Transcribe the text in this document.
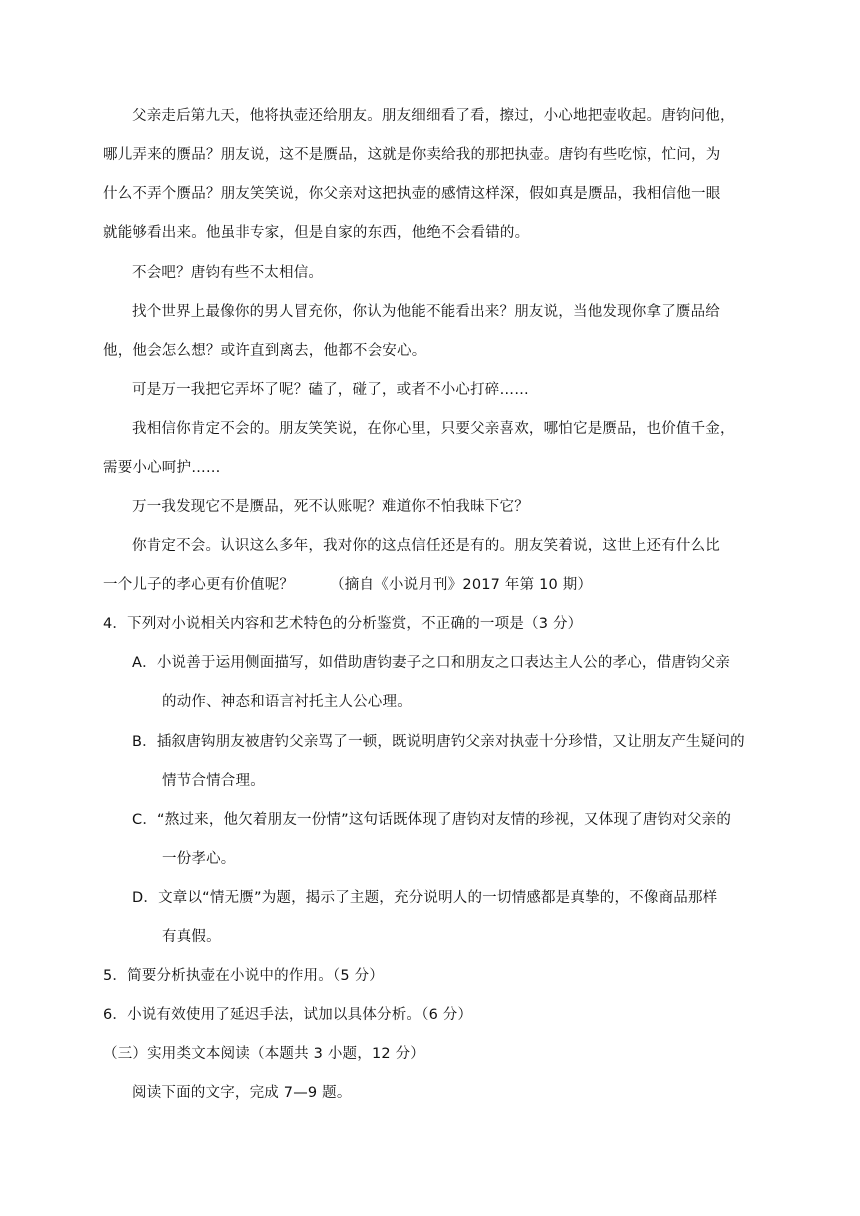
父亲走后第九天，他将执壶还给朋友。朋友细细看了看，擦过，小心地把壶收起。唐钧问他，
哪儿弄来的赝品？朋友说，这不是赝品，这就是你卖给我的那把执壶。唐钧有些吃惊，忙问，为
什么不弄个赝品？朋友笑笑说，你父亲对这把执壶的感情这样深，假如真是赝品，我相信他一眼
就能够看出来。他虽非专家，但是自家的东西，他绝不会看错的。
不会吧？唐钧有些不太相信。
找个世界上最像你的男人冒充你，你认为他能不能看出来？朋友说，当他发现你拿了赝品给
他，他会怎么想？或许直到离去，他都不会安心。
可是万一我把它弄坏了呢？磕了，碰了，或者不小心打碎……
我相信你肯定不会的。朋友笑笑说，在你心里，只要父亲喜欢，哪怕它是赝品，也价值千金，
需要小心呵护……
万一我发现它不是赝品，死不认账呢？难道你不怕我昧下它？
你肯定不会。认识这么多年，我对你的这点信任还是有的。朋友笑着说，这世上还有什么比
一个儿子的孝心更有价值呢？ （摘自《小说月刊》2017 年第 10 期）
4．下列对小说相关内容和艺术特色的分析鉴赏，不正确的一项是（3 分）
A．小说善于运用侧面描写，如借助唐钧妻子之口和朋友之口表达主人公的孝心，借唐钧父亲
的动作、神态和语言衬托主人公心理。
B．插叙唐钩朋友被唐钓父亲骂了一顿，既说明唐钓父亲对执壶十分珍惜，又让朋友产生疑问的
情节合情合理。
C．“熬过来，他欠着朋友一份情”这句话既体现了唐钧对友情的珍视，又体现了唐钧对父亲的
一份孝心。
D．文章以“情无赝”为题，揭示了主题，充分说明人的一切情感都是真挚的，不像商品那样
有真假。
5．简要分析执壶在小说中的作用。（5 分）
6．小说有效使用了延迟手法，试加以具体分析。（6 分）
（三）实用类文本阅读（本题共 3 小题，12 分）
阅读下面的文字，完成 7—9 题。
